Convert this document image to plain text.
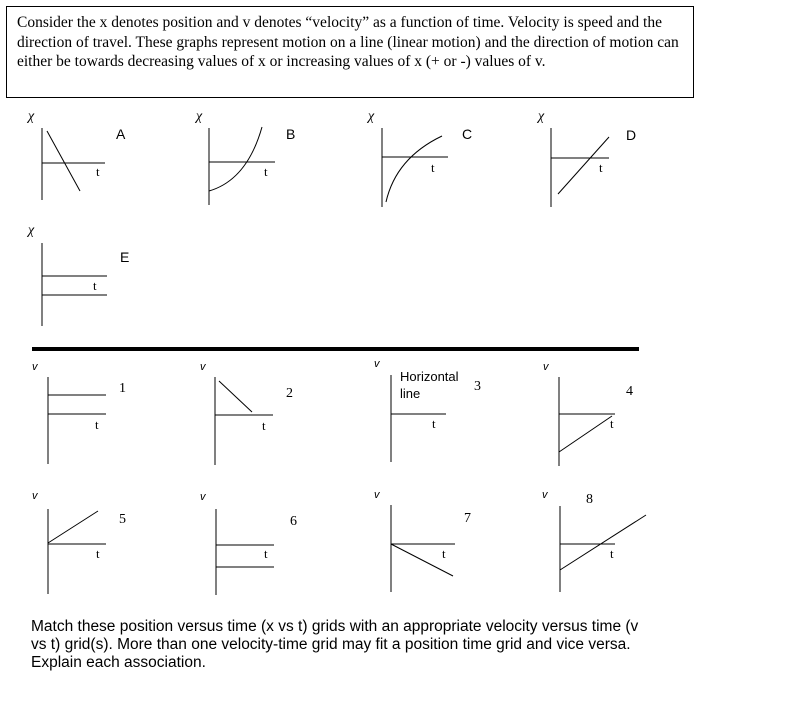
Consider the x denotes position and v denotes “velocity” as a function of time. Velocity is speed and the direction of travel. These graphs represent motion on a line (linear motion) and the direction of motion can either be towards decreasing values of x or increasing values of x (+ or -) values of v.
χ
t
A
χ
t
B
χ
t
C
χ
t
D
χ
t
E
v
t
1
v
t
2
v
Horizontal line
t
3
v
t
4
v
t
5
v
t
6
v
t
7
v
t
8
Match these position versus time (x vs t) grids with an appropriate velocity versus time (v vs t) grid(s). More than one velocity-time grid may fit a position time grid and vice versa. Explain each association.
